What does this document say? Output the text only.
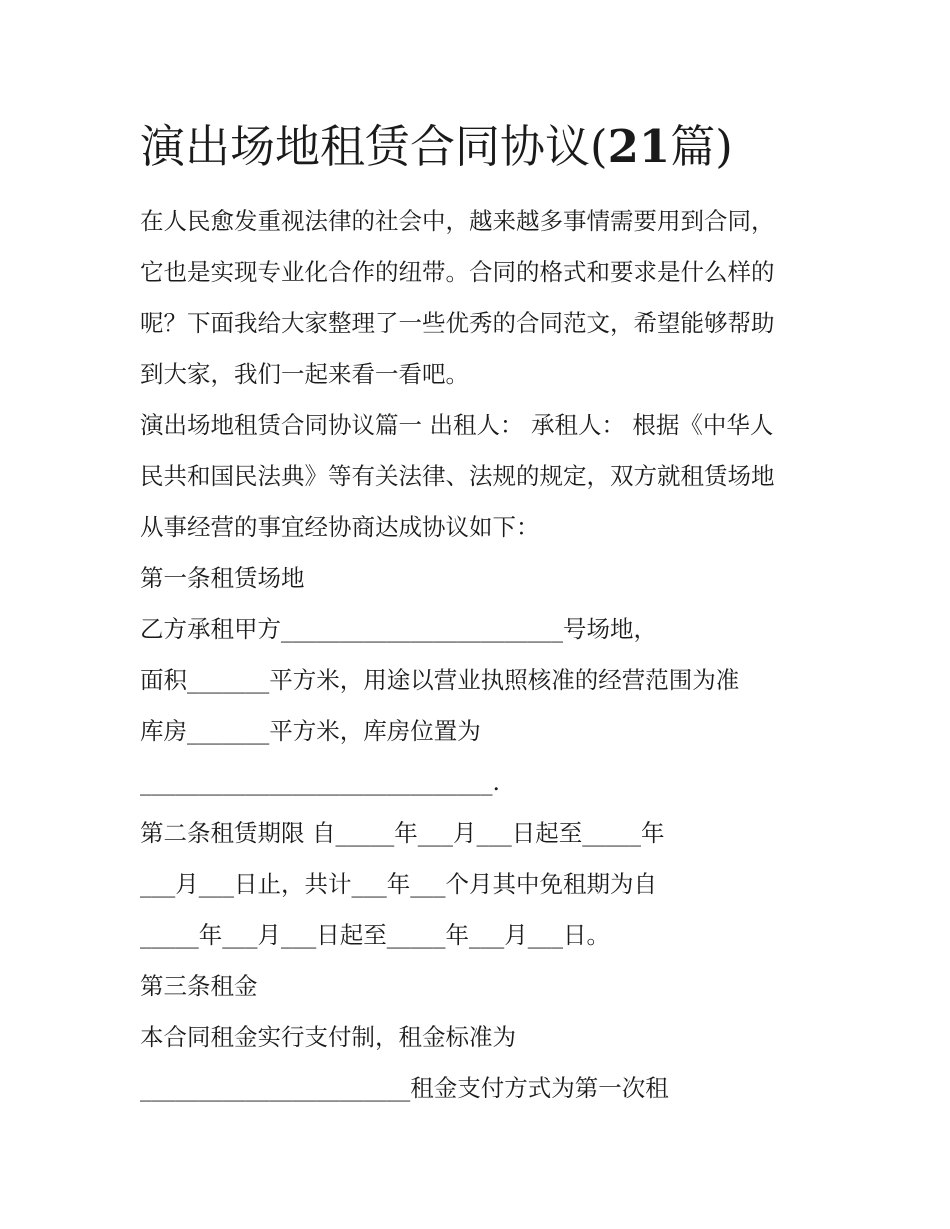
演出场地租赁合同协议(21篇)
在人民愈发重视法律的社会中，越来越多事情需要用到合同，
它也是实现专业化合作的纽带。合同的格式和要求是什么样的
呢？下面我给大家整理了一些优秀的合同范文，希望能够帮助
到大家，我们一起来看一看吧。
演出场地租赁合同协议篇一 出租人： 承租人： 根据《中华人
民共和国民法典》等有关法律、法规的规定，双方就租赁场地
从事经营的事宜经协商达成协议如下：
第一条租赁场地
乙方承租甲方________________________号场地，
面积_______平方米，用途以营业执照核准的经营范围为准
库房_______平方米，库房位置为
______________________________.
第二条租赁期限 自_____年___月___日起至_____年
___月___日止，共计___年___个月其中免租期为自
_____年___月___日起至_____年___月___日。
第三条租金
本合同租金实行支付制，租金标准为
_______________________租金支付方式为第一次租
